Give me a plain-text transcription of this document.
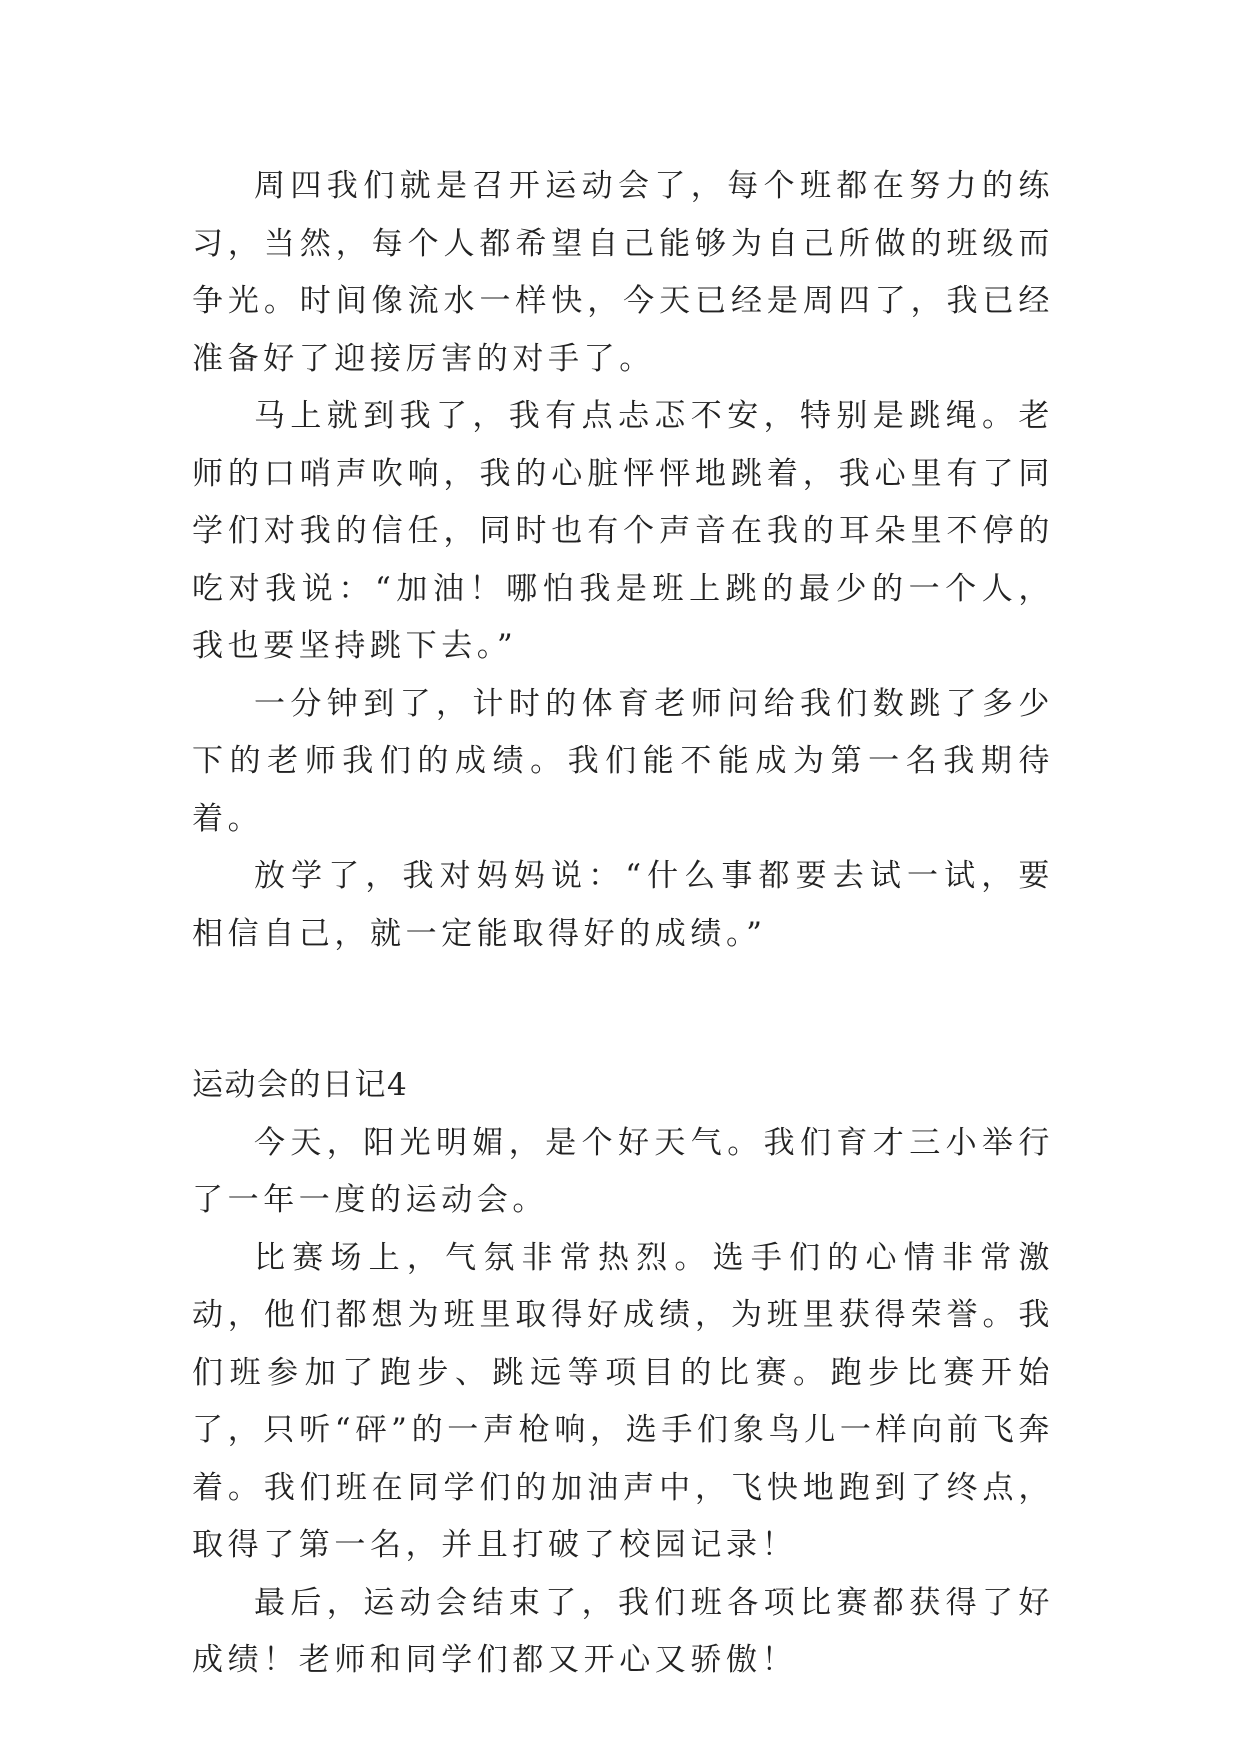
周四我们就是召开运动会了，每个班都在努力的练习，当然，每个人都希望自己能够为自己所做的班级而争光。时间像流水一样快，今天已经是周四了，我已经准备好了迎接厉害的对手了。

马上就到我了，我有点忐忑不安，特别是跳绳。老师的口哨声吹响，我的心脏怦怦地跳着，我心里有了同学们对我的信任，同时也有个声音在我的耳朵里不停的吃对我说：“加油！哪怕我是班上跳的最少的一个人，我也要坚持跳下去。”

一分钟到了，计时的体育老师问给我们数跳了多少下的老师我们的成绩。我们能不能成为第一名我期待着。

放学了，我对妈妈说：“什么事都要去试一试，要相信自己，就一定能取得好的成绩。”

运动会的日记4

今天，阳光明媚，是个好天气。我们育才三小举行了一年一度的运动会。

比赛场上，气氛非常热烈。选手们的心情非常激动，他们都想为班里取得好成绩，为班里获得荣誉。我们班参加了跑步、跳远等项目的比赛。跑步比赛开始了，只听“砰”的一声枪响，选手们象鸟儿一样向前飞奔着。我们班在同学们的加油声中，飞快地跑到了终点，取得了第一名，并且打破了校园记录！

最后，运动会结束了，我们班各项比赛都获得了好成绩！老师和同学们都又开心又骄傲！
